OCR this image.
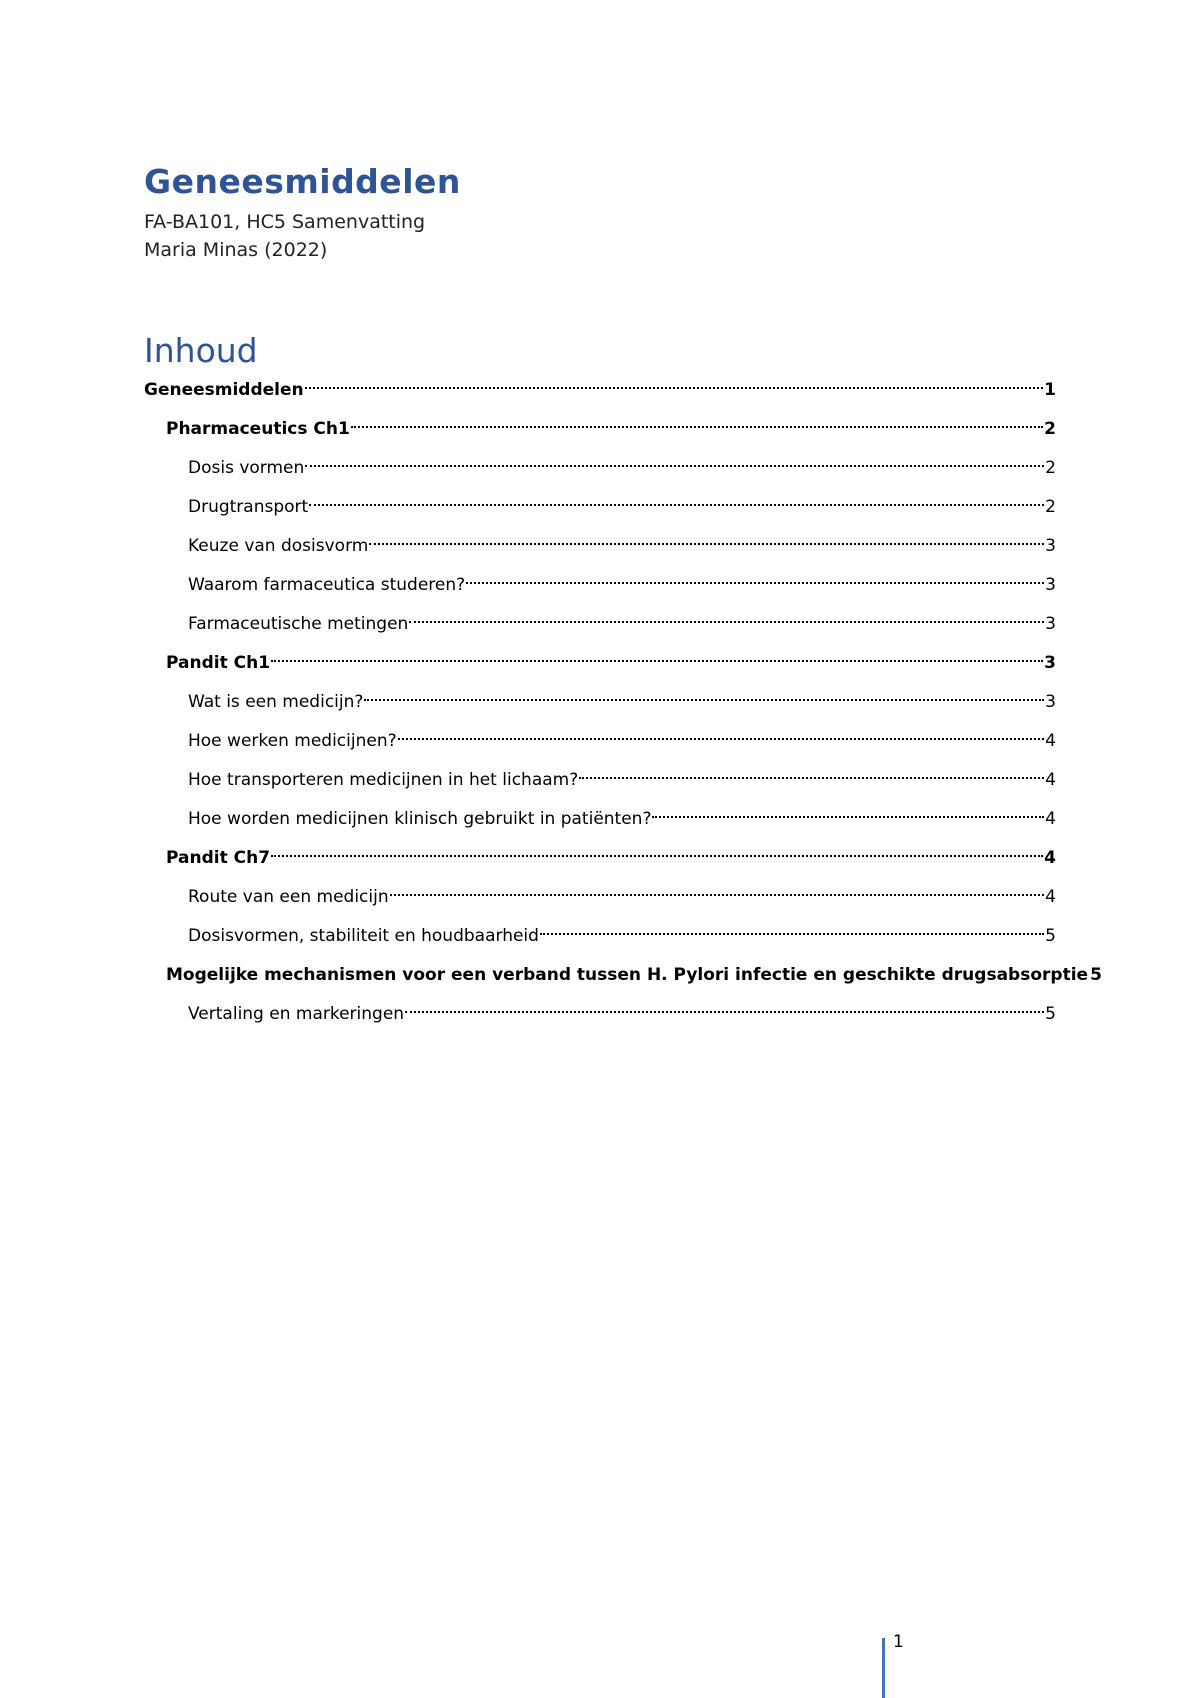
Geneesmiddelen
FA-BA101, HC5 Samenvatting
Maria Minas (2022)
Inhoud
Geneesmiddelen	1
Pharmaceutics Ch1	2
Dosis vormen	2
Drugtransport	2
Keuze van dosisvorm	3
Waarom farmaceutica studeren?	3
Farmaceutische metingen	3
Pandit Ch1	3
Wat is een medicijn?	3
Hoe werken medicijnen?	4
Hoe transporteren medicijnen in het lichaam?	4
Hoe worden medicijnen klinisch gebruikt in patiënten?	4
Pandit Ch7	4
Route van een medicijn	4
Dosisvormen, stabiliteit en houdbaarheid	5
Mogelijke mechanismen voor een verband tussen H. Pylori infectie en geschikte drugsabsorptie 5
Vertaling en markeringen	5
1
